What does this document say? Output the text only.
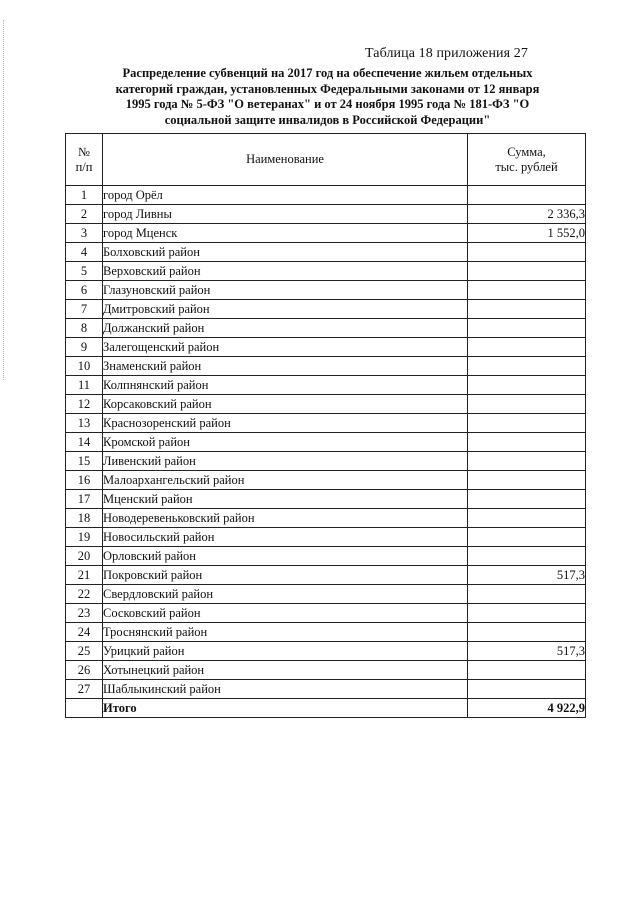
Таблица 18 приложения 27
Распределение субвенций на 2017 год на обеспечение жильем отдельных
категорий граждан, установленных Федеральными законами от 12 января
1995 года № 5-ФЗ "О ветеранах" и от 24 ноября 1995 года № 181-ФЗ "О
социальной защите инвалидов в Российской Федерации"
№
п/п	Наименование	Сумма,
тыс. рублей

1	город Орёл	
2	город Ливны	2 336,3
3	город Мценск	1 552,0
4	Болховский район	
5	Верховский район	
6	Глазуновский район	
7	Дмитровский район	
8	Должанский район	
9	Залегощенский район	
10	Знаменский район	
11	Колпнянский район	
12	Корсаковский район	
13	Краснозоренский район	
14	Кромской район	
15	Ливенский район	
16	Малоархангельский район	
17	Мценский район	
18	Новодеревеньковский район	
19	Новосильский район	
20	Орловский район	
21	Покровский район	517,3
22	Свердловский район	
23	Сосковский район	
24	Троснянский район	
25	Урицкий район	517,3
26	Хотынецкий район	
27	Шаблыкинский район	
	Итого	4 922,9
